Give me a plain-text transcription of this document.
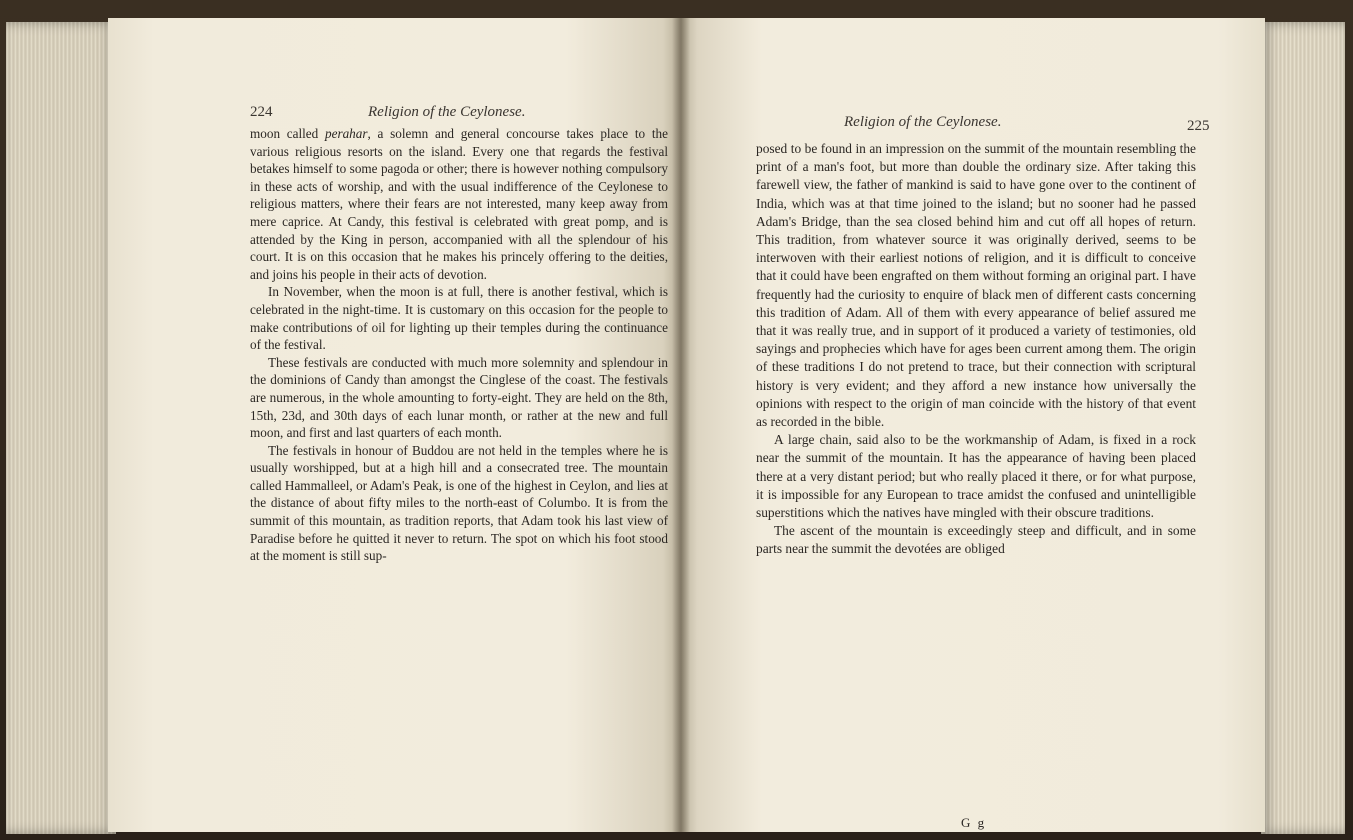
224	Religion of the Ceylonese.

moon called perahar, a solemn and general concourse takes place to the various religious resorts on the island. Every one that regards the festival betakes himself to some pagoda or other; there is however nothing compulsory in these acts of worship, and with the usual indifference of the Ceylonese to religious matters, where their fears are not interested, many keep away from mere caprice. At Candy, this festival is celebrated with great pomp, and is attended by the King in person, accompanied with all the splendour of his court. It is on this occasion that he makes his princely offering to the deities, and joins his people in their acts of devotion.

In November, when the moon is at full, there is another festival, which is celebrated in the night-time. It is customary on this occasion for the people to make contributions of oil for lighting up their temples during the continuance of the festival.

These festivals are conducted with much more solemnity and splendour in the dominions of Candy than amongst the Cinglese of the coast. The festivals are numerous, in the whole amounting to forty-eight. They are held on the 8th, 15th, 23d, and 30th days of each lunar month, or rather at the new and full moon, and first and last quarters of each month.

The festivals in honour of Buddou are not held in the temples where he is usually worshipped, but at a high hill and a consecrated tree. The mountain called Hammalleel, or Adam's Peak, is one of the highest in Ceylon, and lies at the distance of about fifty miles to the north-east of Columbo. It is from the summit of this mountain, as tradition reports, that Adam took his last view of Paradise before he quitted it never to return. The spot on which his foot stood at the moment is still sup-

Religion of the Ceylonese.	225

posed to be found in an impression on the summit of the mountain resembling the print of a man's foot, but more than double the ordinary size. After taking this farewell view, the father of mankind is said to have gone over to the continent of India, which was at that time joined to the island; but no sooner had he passed Adam's Bridge, than the sea closed behind him and cut off all hopes of return. This tradition, from whatever source it was originally derived, seems to be interwoven with their earliest notions of religion, and it is difficult to conceive that it could have been engrafted on them without forming an original part. I have frequently had the curiosity to enquire of black men of different casts concerning this tradition of Adam. All of them with every appearance of belief assured me that it was really true, and in support of it produced a variety of testimonies, old sayings and prophecies which have for ages been current among them. The origin of these traditions I do not pretend to trace, but their connection with scriptural history is very evident; and they afford a new instance how universally the opinions with respect to the origin of man coincide with the history of that event as recorded in the bible.

A large chain, said also to be the workmanship of Adam, is fixed in a rock near the summit of the mountain. It has the appearance of having been placed there at a very distant period; but who really placed it there, or for what purpose, it is impossible for any European to trace amidst the confused and unintelligible superstitions which the natives have mingled with their obscure traditions.

The ascent of the mountain is exceedingly steep and difficult, and in some parts near the summit the devotées are obliged

G g
